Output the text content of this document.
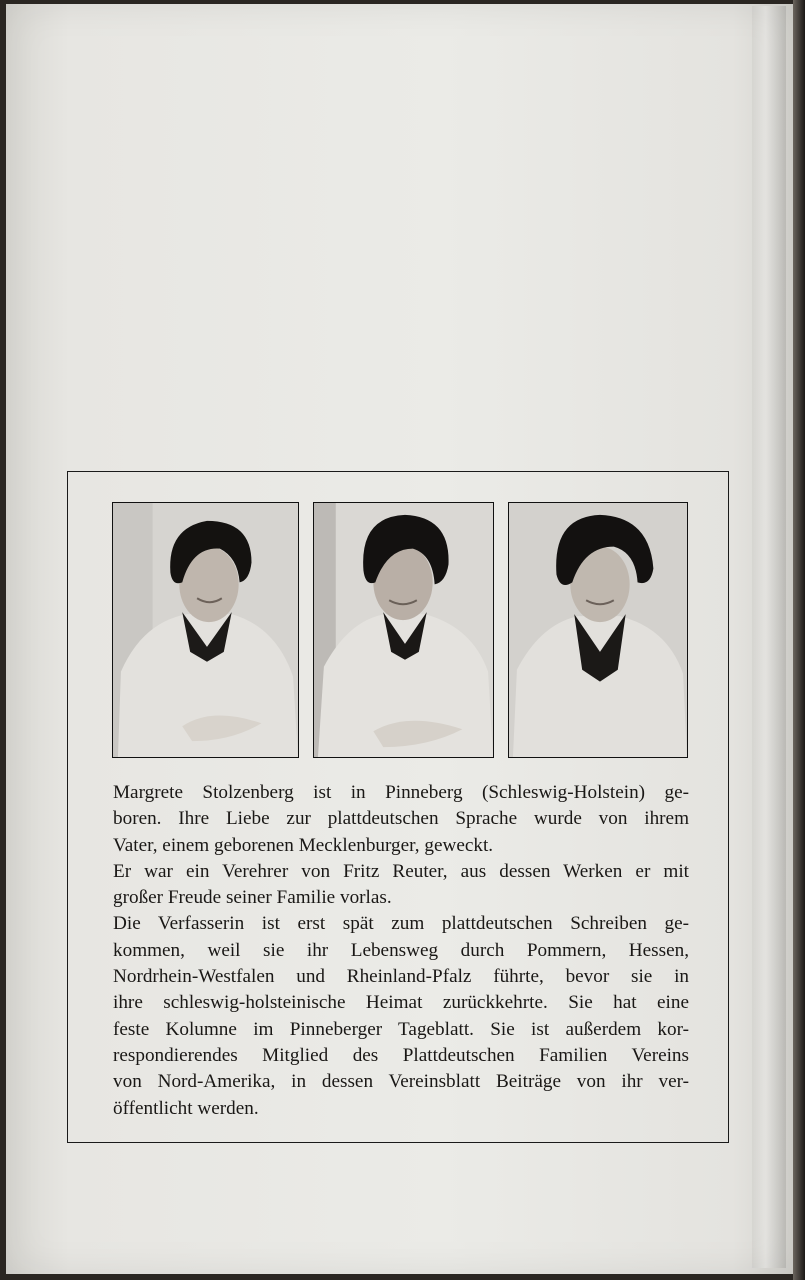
Margrete Stolzenberg ist in Pinneberg (Schleswig-Holstein) ge-
boren. Ihre Liebe zur plattdeutschen Sprache wurde von ihrem
Vater, einem geborenen Mecklenburger, geweckt.
Er war ein Verehrer von Fritz Reuter, aus dessen Werken er mit
großer Freude seiner Familie vorlas.
Die Verfasserin ist erst spät zum plattdeutschen Schreiben ge-
kommen, weil sie ihr Lebensweg durch Pommern, Hessen,
Nordrhein-Westfalen und Rheinland-Pfalz führte, bevor sie in
ihre schleswig-holsteinische Heimat zurückkehrte. Sie hat eine
feste Kolumne im Pinneberger Tageblatt. Sie ist außerdem kor-
respondierendes Mitglied des Plattdeutschen Familien Vereins
von Nord-Amerika, in dessen Vereinsblatt Beiträge von ihr ver-
öffentlicht werden.
